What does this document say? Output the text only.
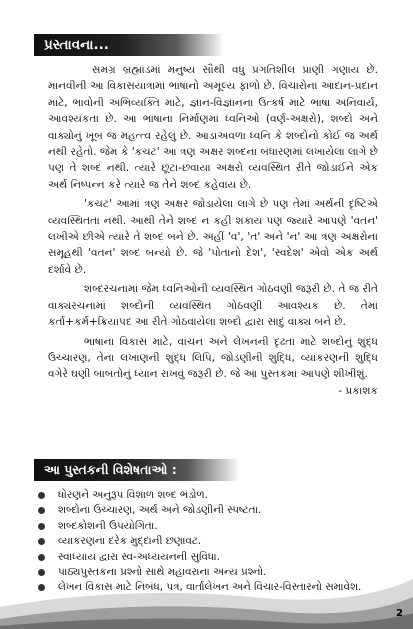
પ્રસ્તાવના...

સમગ્ર બ્રહ્માંડમાં મનુષ્ય સૌથી વધુ પ્રગતિશીલ પ્રાણી ગણાય છે. માનવીની આ વિકાસયાત્રામાં ભાષાનો અમૂલ્ય ફાળો છે. વિચારોના આદાન-પ્રદાન માટે, ભાવોની અભિવ્યક્તિ માટે, જ્ઞાન-વિજ્ઞાનના ઉત્કર્ષ માટે ભાષા અનિવાર્ય, આવશ્યકતા છે. આ ભાષાના નિર્માણમાં ધ્વનિઓ (વર્ણ-અક્ષરો), શબ્દો અને વાક્યોનું ખૂબ જ મહત્ત્વ રહેલું છે. આડાઅવળા ધ્વનિ કે શબ્દોનો કોઈ જ અર્થ નથી રહેતો. જેમ કે 'કચટ' આ ત્રણ અક્ષર શબ્દના બંધારણમાં લખાયેલા લાગે છે પણ તે શબ્દ નથી. ત્યારે છૂટા-છવાયા અક્ષરો વ્યવસ્થિત રીતે જોડાઈને એક અર્થ નિષ્પન્ન કરે ત્યારે જ તેને શબ્દ કહેવાય છે.

'કચટ' આમાં ત્રણ અક્ષર જોડાયેલા લાગે છે પણ તેમાં અર્થની દૃષ્ટિએ વ્યવસ્થિતતા નથી. આથી તેને શબ્દ ન કહી શકાય પણ જ્યારે આપણે 'વતન' લખીએ છીએ ત્યારે તે શબ્દ બને છે. અહીં 'વ', 'ત' અને 'ન' આ ત્રણ અક્ષરોના સમૂહથી 'વતન' શબ્દ બન્યો છે. જે 'પોતાનો દેશ', 'સ્વદેશ' એવો એક અર્થ દર્શાવે છે.

શબ્દરચનામાં જેમ ધ્વનિઓની વ્યવસ્થિત ગોઠવણી જરૂરી છે. તે જ રીતે વાક્યરચનામાં શબ્દોની વ્યવસ્થિત ગોઠવણી આવશ્યક છે. તેમાં કર્તા+કર્મ+ક્રિયાપદ આ રીતે ગોઠવાયેલા શબ્દો દ્વારા સાદું વાક્ય બને છે.

ભાષાના વિકાસ માટે, વાંચન અને લેખનની દૃઢતા માટે શબ્દોનું શુદ્ધ ઉચ્ચારણ, તેના લખાણની શુદ્ધ લિપિ, જોડણીની શુદ્ધિ, વ્યાકરણની શુદ્ધિ વગેરે ઘણી બાબતોનું ધ્યાન રાખવું જરૂરી છે. જે આ પુસ્તકમાં આપણે શીખીશું.
- પ્રકાશક

આ પુસ્તકની વિશેષતાઓ :
ધોરણને અનુરૂપ વિશાળ શબ્દ ભંડોળ.
શબ્દોના ઉચ્ચારણ, અર્થ અને જોડણીની સ્પષ્ટતા.
શબ્દકોશની ઉપયોગિતા.
વ્યાકરણના દરેક મુદ્દાની છણાવટ.
સ્વાધ્યાય દ્વારા સ્વ-અધ્યયનની સુવિધા.
પાઠ્યપુસ્તકના પ્રશ્નો સાથે મહાવરાના અન્ય પ્રશ્નો.
લેખન વિકાસ માટે નિબંધ, પત્ર, વાર્તાલેખન અને વિચાર-વિસ્તારનો સમાવેશ.
2
